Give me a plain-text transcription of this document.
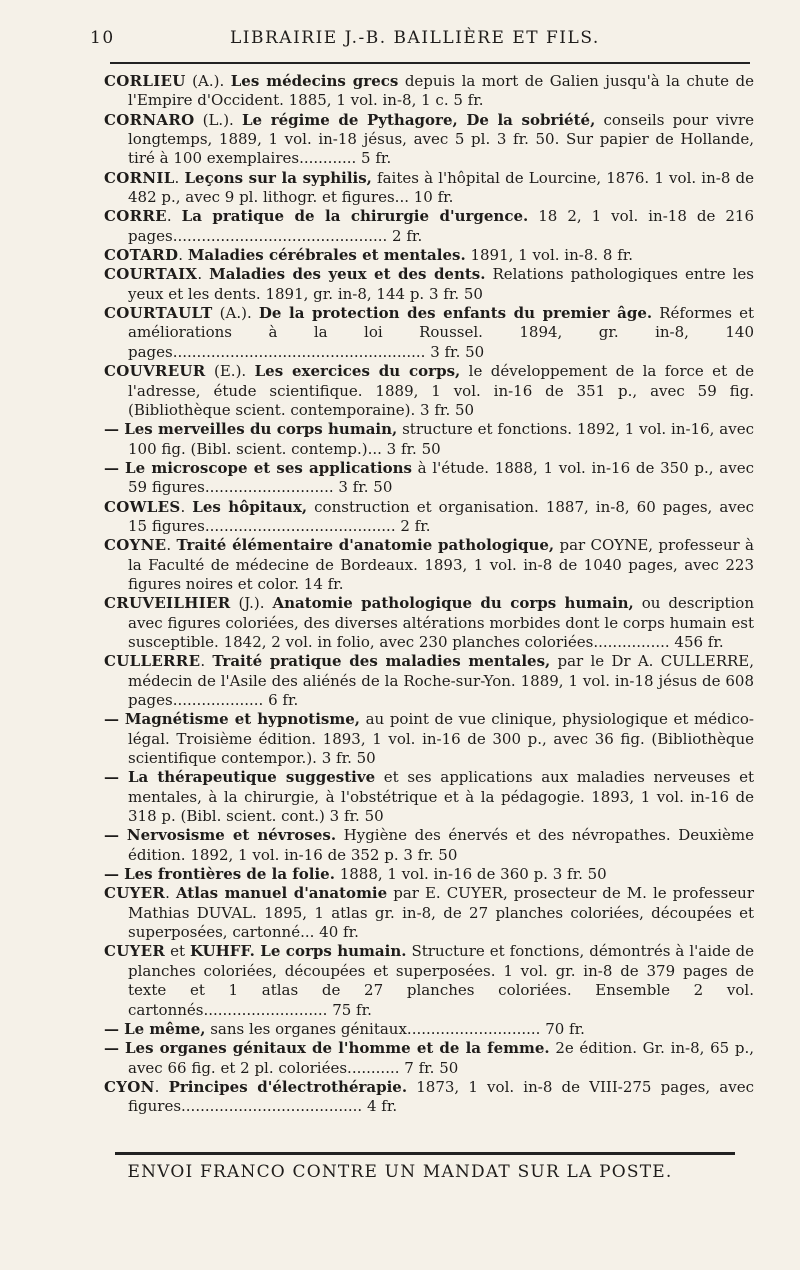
10	LIBRAIRIE J.-B. BAILLIÈRE ET FILS.

CORLIEU (A.). Les médecins grecs depuis la mort de Galien jusqu'à la chute de l'Empire d'Occident. 1885, 1 vol. in-8, 1 c. 5 fr.

CORNARO (L.). Le régime de Pythagore, De la sobriété, conseils pour vivre longtemps, 1889, 1 vol. in-18 jésus, avec 5 pl. 3 fr. 50. Sur papier de Hollande, tiré à 100 exemplaires............ 5 fr.

CORNIL. Leçons sur la syphilis, faites à l'hôpital de Lourcine, 1876. 1 vol. in-8 de 482 p., avec 9 pl. lithogr. et figures... 10 fr.

CORRE. La pratique de la chirurgie d'urgence. 18 2, 1 vol. in-18 de 216 pages............................................. 2 fr.

COTARD. Maladies cérébrales et mentales. 1891, 1 vol. in-8. 8 fr.

COURTAIX. Maladies des yeux et des dents. Relations pathologiques entre les yeux et les dents. 1891, gr. in-8, 144 p. 3 fr. 50

COURTAULT (A.). De la protection des enfants du premier âge. Réformes et améliorations à la loi Roussel. 1894, gr. in-8, 140 pages..................................................... 3 fr. 50

COUVREUR (E.). Les exercices du corps, le développement de la force et de l'adresse, étude scientifique. 1889, 1 vol. in-16 de 351 p., avec 59 fig. (Bibliothèque scient. contemporaine). 3 fr. 50

— Les merveilles du corps humain, structure et fonctions. 1892, 1 vol. in-16, avec 100 fig. (Bibl. scient. contemp.)... 3 fr. 50

— Le microscope et ses applications à l'étude. 1888, 1 vol. in-16 de 350 p., avec 59 figures........................... 3 fr. 50

COWLES. Les hôpitaux, construction et organisation. 1887, in-8, 60 pages, avec 15 figures........................................ 2 fr.

COYNE. Traité élémentaire d'anatomie pathologique, par COYNE, professeur à la Faculté de médecine de Bordeaux. 1893, 1 vol. in-8 de 1040 pages, avec 223 figures noires et color. 14 fr.

CRUVEILHIER (J.). Anatomie pathologique du corps humain, ou description avec figures coloriées, des diverses altérations morbides dont le corps humain est susceptible. 1842, 2 vol. in folio, avec 230 planches coloriées................ 456 fr.

CULLERRE. Traité pratique des maladies mentales, par le Dr A. CULLERRE, médecin de l'Asile des aliénés de la Roche-sur-Yon. 1889, 1 vol. in-18 jésus de 608 pages................... 6 fr.

— Magnétisme et hypnotisme, au point de vue clinique, physiologique et médico-légal. Troisième édition. 1893, 1 vol. in-16 de 300 p., avec 36 fig. (Bibliothèque scientifique contempor.). 3 fr. 50

— La thérapeutique suggestive et ses applications aux maladies nerveuses et mentales, à la chirurgie, à l'obstétrique et à la pédagogie. 1893, 1 vol. in-16 de 318 p. (Bibl. scient. cont.) 3 fr. 50

— Nervosisme et névroses. Hygiène des énervés et des névropathes. Deuxième édition. 1892, 1 vol. in-16 de 352 p. 3 fr. 50

— Les frontières de la folie. 1888, 1 vol. in-16 de 360 p. 3 fr. 50

CUYER. Atlas manuel d'anatomie par E. CUYER, prosecteur de M. le professeur Mathias DUVAL. 1895, 1 atlas gr. in-8, de 27 planches coloriées, découpées et superposées, cartonné... 40 fr.

CUYER et KUHFF. Le corps humain. Structure et fonctions, démontrés à l'aide de planches coloriées, découpées et superposées. 1 vol. gr. in-8 de 379 pages de texte et 1 atlas de 27 planches coloriées. Ensemble 2 vol. cartonnés.......................... 75 fr.

— Le même, sans les organes génitaux............................ 70 fr.

— Les organes génitaux de l'homme et de la femme. 2e édition. Gr. in-8, 65 p., avec 66 fig. et 2 pl. coloriées........... 7 fr. 50

CYON. Principes d'électrothérapie. 1873, 1 vol. in-8 de VIII-275 pages, avec figures...................................... 4 fr.

ENVOI FRANCO CONTRE UN MANDAT SUR LA POSTE.
